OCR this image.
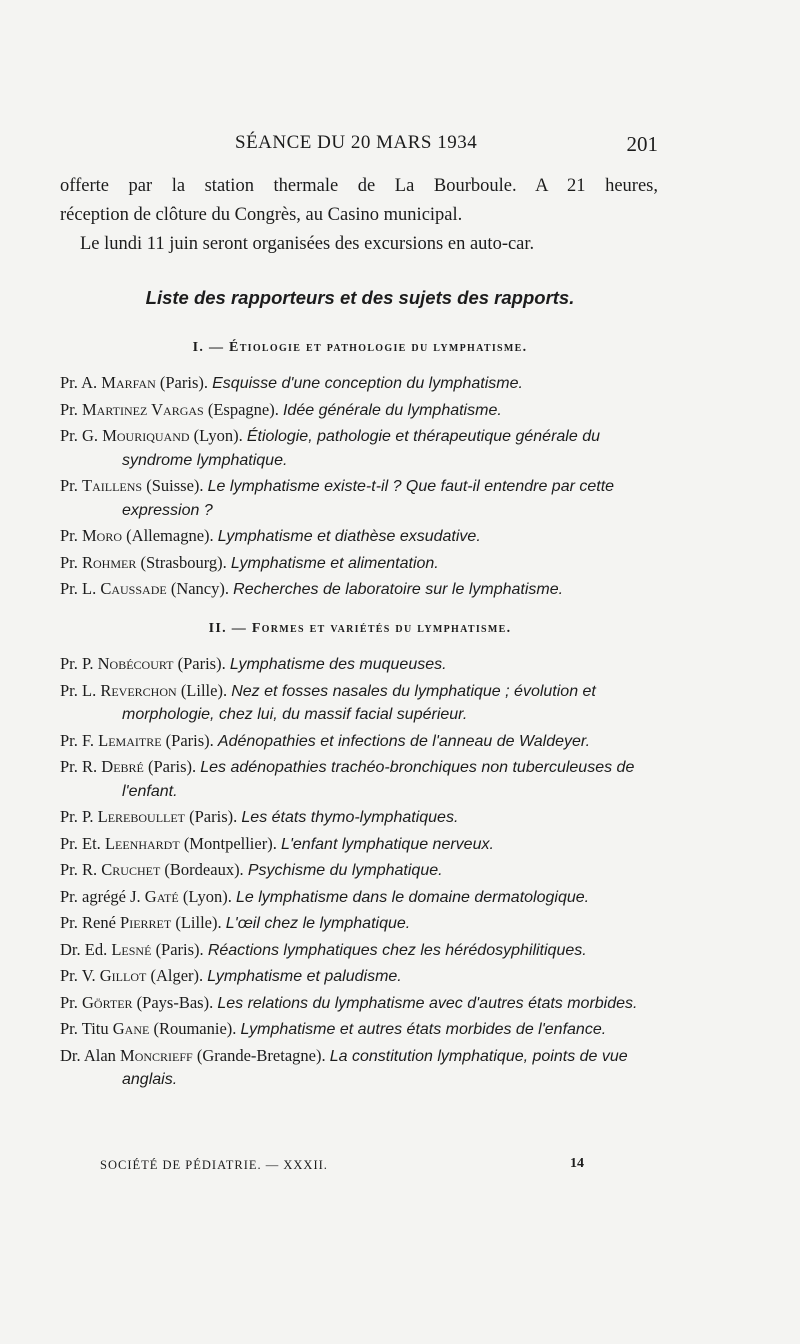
SÉANCE DU 20 MARS 1934	201

offerte par la station thermale de La Bourboule. A 21 heures,
réception de clôture du Congrès, au Casino municipal.

Le lundi 11 juin seront organisées des excursions en auto-car.

Liste des rapporteurs et des sujets des rapports.
I. — Étiologie et pathologie du lymphatisme.
Pr. A. Marfan (Paris). Esquisse d'une conception du lymphatisme.
Pr. Martinez Vargas (Espagne). Idée générale du lymphatisme.
Pr. G. Mouriquand (Lyon). Étiologie, pathologie et thérapeutique générale du syndrome lymphatique.
Pr. Taillens (Suisse). Le lymphatisme existe-t-il ? Que faut-il entendre par cette expression ?
Pr. Moro (Allemagne). Lymphatisme et diathèse exsudative.
Pr. Rohmer (Strasbourg). Lymphatisme et alimentation.
Pr. L. Caussade (Nancy). Recherches de laboratoire sur le lymphatisme.
II. — Formes et variétés du lymphatisme.
Pr. P. Nobécourt (Paris). Lymphatisme des muqueuses.
Pr. L. Reverchon (Lille). Nez et fosses nasales du lymphatique ; évolution et morphologie, chez lui, du massif facial supérieur.
Pr. F. Lemaitre (Paris). Adénopathies et infections de l'anneau de Waldeyer.
Pr. R. Debré (Paris). Les adénopathies trachéo-bronchiques non tuberculeuses de l'enfant.
Pr. P. Lereboullet (Paris). Les états thymo-lymphatiques.
Pr. Et. Leenhardt (Montpellier). L'enfant lymphatique nerveux.
Pr. R. Cruchet (Bordeaux). Psychisme du lymphatique.
Pr. agrégé J. Gaté (Lyon). Le lymphatisme dans le domaine dermatologique.
Pr. René Pierret (Lille). L'œil chez le lymphatique.
Dr. Ed. Lesné (Paris). Réactions lymphatiques chez les hérédosyphilitiques.
Pr. V. Gillot (Alger). Lymphatisme et paludisme.
Pr. Görter (Pays-Bas). Les relations du lymphatisme avec d'autres états morbides.
Pr. Titu Gane (Roumanie). Lymphatisme et autres états morbides de l'enfance.
Dr. Alan Moncrieff (Grande-Bretagne). La constitution lymphatique, points de vue anglais.
SOCIÉTÉ DE PÉDIATRIE. — XXXII.	14
